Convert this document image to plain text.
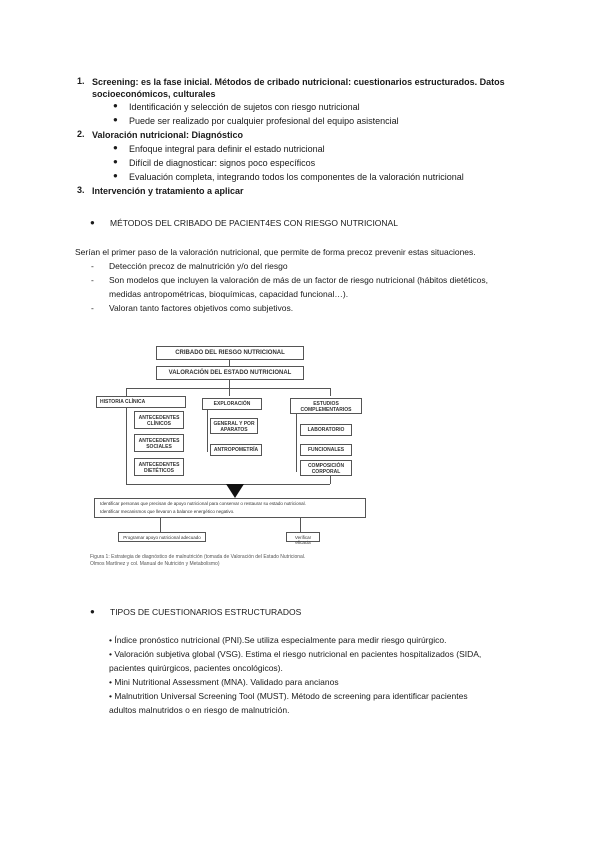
1. Screening: es la fase inicial. Métodos de cribado nutricional: cuestionarios estructurados. Datos
socioeconómicos, culturales
● Identificación y selección de sujetos con riesgo nutricional
● Puede ser realizado por cualquier profesional del equipo asistencial
2. Valoración nutricional: Diagnóstico
● Enfoque integral para definir el estado nutricional
● Difícil de diagnosticar: signos poco específicos
● Evaluación completa, integrando todos los componentes de la valoración nutricional
3. Intervención y tratamiento a aplicar
● MÉTODOS DEL CRIBADO DE PACIENT4ES CON RIESGO NUTRICIONAL
Serían el primer paso de la valoración nutricional, que permite de forma precoz prevenir estas situaciones.
- Detección precoz de malnutrición y/o del riesgo
- Son modelos que incluyen la valoración de más de un factor de riesgo nutricional (hábitos dietéticos,
medidas antropométricas, bioquímicas, capacidad funcional…).
- Valoran tanto factores objetivos como subjetivos.
CRIBADO DEL RIESGO NUTRICIONAL
VALORACIÓN DEL ESTADO NUTRICIONAL
HISTORIA CLÍNICA
ANTECEDENTES CLÍNICOS
ANTECEDENTES SOCIALES
ANTECEDENTES DIETÉTICOS
EXPLORACIÓN
GENERAL Y POR APARATOS
ANTROPOMETRÍA
ESTUDIOS COMPLEMENTARIOS
LABORATORIO
FUNCIONALES
COMPOSICIÓN CORPORAL
Identificar personas que precisan de apoyo nutricional para conservar o restaurar su estado nutricional.
Identificar mecanismos que llevaron a balance energético negativo.
Programar apoyo nutricional adecuado	Verificar eficacia
Figura 1: Estrategia de diagnóstico de malnutrición (tomada de Valoración del Estado Nutricional.
Olmos Martínez y col. Manual de Nutrición y Metabolismo)
● TIPOS DE CUESTIONARIOS ESTRUCTURADOS
• Índice pronóstico nutricional (PNI).Se utiliza especialmente para medir riesgo quirúrgico.
• Valoración subjetiva global (VSG). Estima el riesgo nutricional en pacientes hospitalizados (SIDA,
pacientes quirúrgicos, pacientes oncológicos).
• Mini Nutritional Assessment (MNA). Validado para ancianos
• Malnutrition Universal Screening Tool (MUST). Método de screening para identificar pacientes
adultos malnutridos o en riesgo de malnutrición.
